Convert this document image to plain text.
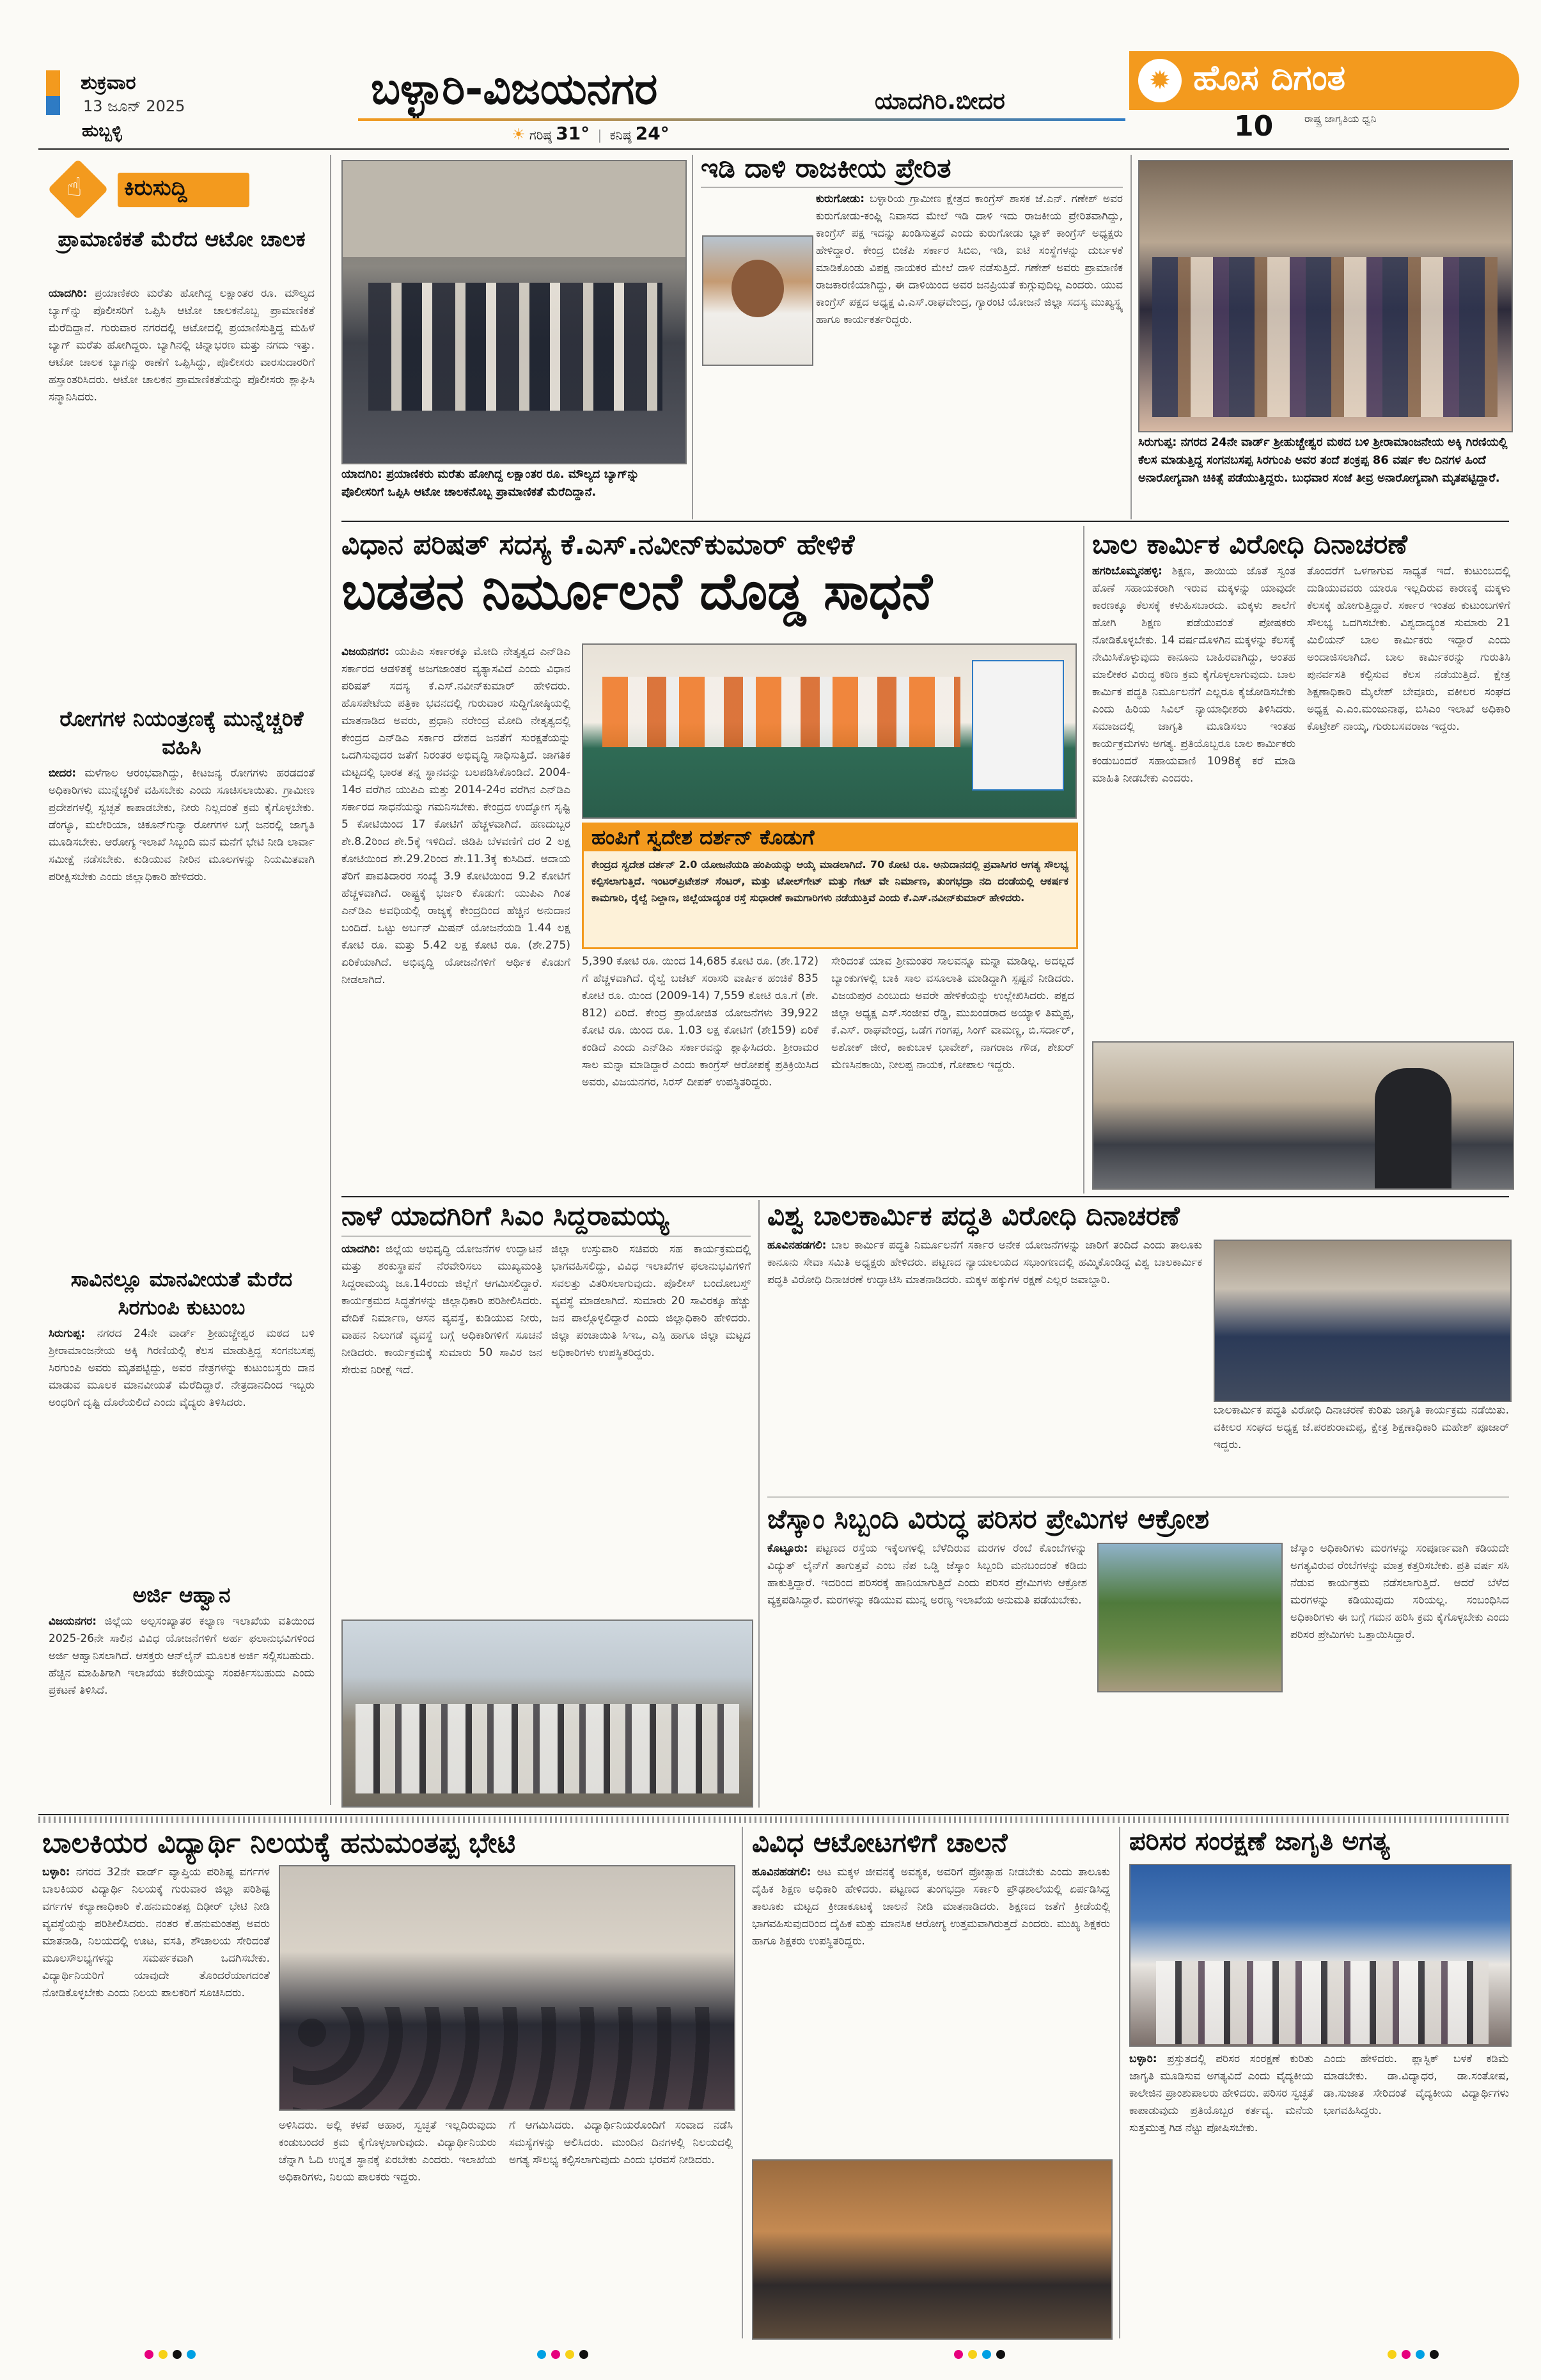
ಶುಕ್ರವಾರ
13 ಜೂನ್ 2025
ಹುಬ್ಬಳ್ಳಿ
ಬಳ್ಳಾರಿ-ವಿಜಯನಗರ	ಯಾದಗಿರಿ.ಬೀದರ
☀ ಗರಿಷ್ಠ 31° | ಕನಿಷ್ಠ 24°
✹ ಹೊಸ ದಿಗಂತ
ರಾಷ್ಟ್ರ ಜಾಗೃತಿಯ ಧ್ವನಿ
10
☝ ಕಿರುಸುದ್ದಿ
ಪ್ರಾಮಾಣಿಕತೆ ಮೆರೆದ ಆಟೋ ಚಾಲಕ
ಯಾದಗಿರಿ: ಪ್ರಯಾಣಿಕರು ಮರೆತು ಹೋಗಿದ್ದ ಲಕ್ಷಾಂತರ ರೂ. ಮೌಲ್ಯದ ಬ್ಯಾಗ್‌ನ್ನು ಪೊಲೀಸರಿಗೆ ಒಪ್ಪಿಸಿ ಆಟೋ ಚಾಲಕನೊಬ್ಬ ಪ್ರಾಮಾಣಿಕತೆ ಮೆರೆದಿದ್ದಾನೆ. ಗುರುವಾರ ನಗರದಲ್ಲಿ ಆಟೋದಲ್ಲಿ ಪ್ರಯಾಣಿಸುತ್ತಿದ್ದ ಮಹಿಳೆ ಬ್ಯಾಗ್ ಮರೆತು ಹೋಗಿದ್ದರು. ಬ್ಯಾಗಿನಲ್ಲಿ ಚಿನ್ನಾಭರಣ ಮತ್ತು ನಗದು ಇತ್ತು. ಆಟೋ ಚಾಲಕ ಬ್ಯಾಗನ್ನು ಠಾಣೆಗೆ ಒಪ್ಪಿಸಿದ್ದು, ಪೊಲೀಸರು ವಾರಸುದಾರರಿಗೆ ಹಸ್ತಾಂತರಿಸಿದರು. ಆಟೋ ಚಾಲಕನ ಪ್ರಾಮಾಣಿಕತೆಯನ್ನು ಪೊಲೀಸರು ಶ್ಲಾಘಿಸಿ ಸನ್ಮಾನಿಸಿದರು.
ರೋಗಗಳ ನಿಯಂತ್ರಣಕ್ಕೆ ಮುನ್ನೆಚ್ಚರಿಕೆ ವಹಿಸಿ
ಬೀದರ: ಮಳೆಗಾಲ ಆರಂಭವಾಗಿದ್ದು, ಕೀಟಜನ್ಯ ರೋಗಗಳು ಹರಡದಂತೆ ಅಧಿಕಾರಿಗಳು ಮುನ್ನೆಚ್ಚರಿಕೆ ವಹಿಸಬೇಕು ಎಂದು ಸೂಚಿಸಲಾಯಿತು. ಗ್ರಾಮೀಣ ಪ್ರದೇಶಗಳಲ್ಲಿ ಸ್ವಚ್ಛತೆ ಕಾಪಾಡಬೇಕು, ನೀರು ನಿಲ್ಲದಂತೆ ಕ್ರಮ ಕೈಗೊಳ್ಳಬೇಕು. ಡೆಂಗ್ಯೂ, ಮಲೇರಿಯಾ, ಚಿಕೂನ್‌ಗುನ್ಯಾ ರೋಗಗಳ ಬಗ್ಗೆ ಜನರಲ್ಲಿ ಜಾಗೃತಿ ಮೂಡಿಸಬೇಕು. ಆರೋಗ್ಯ ಇಲಾಖೆ ಸಿಬ್ಬಂದಿ ಮನೆ ಮನೆಗೆ ಭೇಟಿ ನೀಡಿ ಲಾರ್ವಾ ಸಮೀಕ್ಷೆ ನಡೆಸಬೇಕು. ಕುಡಿಯುವ ನೀರಿನ ಮೂಲಗಳನ್ನು ನಿಯಮಿತವಾಗಿ ಪರೀಕ್ಷಿಸಬೇಕು ಎಂದು ಜಿಲ್ಲಾಧಿಕಾರಿ ಹೇಳಿದರು.
ಸಾವಿನಲ್ಲೂ ಮಾನವೀಯತೆ ಮೆರೆದ ಸಿರಗುಂಪಿ ಕುಟುಂಬ
ಸಿರುಗುಪ್ಪ: ನಗರದ 24ನೇ ವಾರ್ಡ್ ಶ್ರೀಹುಚ್ಚೇಶ್ವರ ಮಠದ ಬಳಿ ಶ್ರೀರಾಮಾಂಜನೇಯ ಅಕ್ಕಿ ಗಿರಣಿಯಲ್ಲಿ ಕೆಲಸ ಮಾಡುತ್ತಿದ್ದ ಸಂಗನಬಸಪ್ಪ ಸಿರಗುಂಪಿ ಅವರು ಮೃತಪಟ್ಟಿದ್ದು, ಅವರ ನೇತ್ರಗಳನ್ನು ಕುಟುಂಬಸ್ಥರು ದಾನ ಮಾಡುವ ಮೂಲಕ ಮಾನವೀಯತೆ ಮೆರೆದಿದ್ದಾರೆ. ನೇತ್ರದಾನದಿಂದ ಇಬ್ಬರು ಅಂಧರಿಗೆ ದೃಷ್ಟಿ ದೊರೆಯಲಿದೆ ಎಂದು ವೈದ್ಯರು ತಿಳಿಸಿದರು.
ಅರ್ಜಿ ಆಹ್ವಾನ
ವಿಜಯನಗರ: ಜಿಲ್ಲೆಯ ಅಲ್ಪಸಂಖ್ಯಾತರ ಕಲ್ಯಾಣ ಇಲಾಖೆಯ ವತಿಯಿಂದ 2025-26ನೇ ಸಾಲಿನ ವಿವಿಧ ಯೋಜನೆಗಳಿಗೆ ಅರ್ಹ ಫಲಾನುಭವಿಗಳಿಂದ ಅರ್ಜಿ ಆಹ್ವಾನಿಸಲಾಗಿದೆ. ಆಸಕ್ತರು ಆನ್‌ಲೈನ್ ಮೂಲಕ ಅರ್ಜಿ ಸಲ್ಲಿಸಬಹುದು. ಹೆಚ್ಚಿನ ಮಾಹಿತಿಗಾಗಿ ಇಲಾಖೆಯ ಕಚೇರಿಯನ್ನು ಸಂಪರ್ಕಿಸಬಹುದು ಎಂದು ಪ್ರಕಟಣೆ ತಿಳಿಸಿದೆ.
ಯಾದಗಿರಿ: ಪ್ರಯಾಣಿಕರು ಮರೆತು ಹೋಗಿದ್ದ ಲಕ್ಷಾಂತರ ರೂ. ಮೌಲ್ಯದ ಬ್ಯಾಗ್‌ನ್ನು ಪೊಲೀಸರಿಗೆ ಒಪ್ಪಿಸಿ ಆಟೋ ಚಾಲಕನೊಬ್ಬ ಪ್ರಾಮಾಣಿಕತೆ ಮೆರೆದಿದ್ದಾನೆ.
ಇಡಿ ದಾಳಿ ರಾಜಕೀಯ ಪ್ರೇರಿತ
ಕುರುಗೋಡು: ಬಳ್ಳಾರಿಯ ಗ್ರಾಮೀಣ ಕ್ಷೇತ್ರದ ಕಾಂಗ್ರೆಸ್ ಶಾಸಕ ಜೆ.ಎನ್. ಗಣೇಶ್ ಅವರ ಕುರುಗೋಡು-ಕಂಪ್ಲಿ ನಿವಾಸದ ಮೇಲೆ ಇಡಿ ದಾಳಿ ಇದು ರಾಜಕೀಯ ಪ್ರೇರಿತವಾಗಿದ್ದು, ಕಾಂಗ್ರೆಸ್ ಪಕ್ಷ ಇದನ್ನು ಖಂಡಿಸುತ್ತದೆ ಎಂದು ಕುರುಗೋಡು ಬ್ಲಾಕ್ ಕಾಂಗ್ರೆಸ್ ಅಧ್ಯಕ್ಷರು ಹೇಳಿದ್ದಾರೆ. ಕೇಂದ್ರ ಬಿಜೆಪಿ ಸರ್ಕಾರ ಸಿಬಿಐ, ಇಡಿ, ಐಟಿ ಸಂಸ್ಥೆಗಳನ್ನು ದುರ್ಬಳಕೆ ಮಾಡಿಕೊಂಡು ವಿಪಕ್ಷ ನಾಯಕರ ಮೇಲೆ ದಾಳಿ ನಡೆಸುತ್ತಿದೆ. ಗಣೇಶ್ ಅವರು ಪ್ರಾಮಾಣಿಕ ರಾಜಕಾರಣಿಯಾಗಿದ್ದು, ಈ ದಾಳಿಯಿಂದ ಅವರ ಜನಪ್ರಿಯತೆ ಕುಗ್ಗುವುದಿಲ್ಲ ಎಂದರು. ಯುವ ಕಾಂಗ್ರೆಸ್ ಪಕ್ಷದ ಅಧ್ಯಕ್ಷ ವಿ.ಎಸ್.ರಾಘವೇಂದ್ರ, ಗ್ಯಾರಂಟಿ ಯೋಜನೆ ಜಿಲ್ಲಾ ಸದಸ್ಯ ಮುಖ್ಯಸ್ಥ್ಯ ಹಾಗೂ ಕಾರ್ಯಕರ್ತರಿದ್ದರು.
ಸಿರುಗುಪ್ಪ: ನಗರದ 24ನೇ ವಾರ್ಡ್ ಶ್ರೀಹುಚ್ಚೇಶ್ವರ ಮಠದ ಬಳಿ ಶ್ರೀರಾಮಾಂಜನೇಯ ಅಕ್ಕಿ ಗಿರಣಿಯಲ್ಲಿ ಕೆಲಸ ಮಾಡುತ್ತಿದ್ದ ಸಂಗನಬಸಪ್ಪ ಸಿರಗುಂಪಿ ಅವರ ತಂದೆ ಶಂಕ್ರಪ್ಪ 86 ವರ್ಷ ಕೆಲ ದಿನಗಳ ಹಿಂದೆ ಅನಾರೋಗ್ಯವಾಗಿ ಚಿಕಿತ್ಸೆ ಪಡೆಯುತ್ತಿದ್ದರು. ಬುಧವಾರ ಸಂಜೆ ತೀವ್ರ ಅನಾರೋಗ್ಯವಾಗಿ ಮೃತಪಟ್ಟಿದ್ದಾರೆ.
ವಿಧಾನ ಪರಿಷತ್ ಸದಸ್ಯ ಕೆ.ಎಸ್.ನವೀನ್‌ಕುಮಾರ್ ಹೇಳಿಕೆ
ಬಡತನ ನಿರ್ಮೂಲನೆ ದೊಡ್ಡ ಸಾಧನೆ
ವಿಜಯನಗರ: ಯುಪಿಎ ಸರ್ಕಾರಕ್ಕೂ ಮೋದಿ ನೇತೃತ್ವದ ಎನ್‌ಡಿಎ ಸರ್ಕಾರದ ಆಡಳಿತಕ್ಕೆ ಅಜಗಜಾಂತರ ವ್ಯತ್ಯಾಸವಿದೆ ಎಂದು ವಿಧಾನ ಪರಿಷತ್ ಸದಸ್ಯ ಕೆ.ಎಸ್.ನವೀನ್‌ಕುಮಾರ್ ಹೇಳಿದರು. ಹೊಸಪೇಟೆಯ ಪತ್ರಿಕಾ ಭವನದಲ್ಲಿ ಗುರುವಾರ ಸುದ್ದಿಗೋಷ್ಠಿಯಲ್ಲಿ ಮಾತನಾಡಿದ ಅವರು, ಪ್ರಧಾನಿ ನರೇಂದ್ರ ಮೋದಿ ನೇತೃತ್ವದಲ್ಲಿ ಕೇಂದ್ರದ ಎನ್‌ಡಿಎ ಸರ್ಕಾರ ದೇಶದ ಜನತೆಗೆ ಸುರಕ್ಷತೆಯನ್ನು ಒದಗಿಸುವುದರ ಜತೆಗೆ ನಿರಂತರ ಅಭಿವೃದ್ಧಿ ಸಾಧಿಸುತ್ತಿದೆ. ಜಾಗತಿಕ ಮಟ್ಟದಲ್ಲಿ ಭಾರತ ತನ್ನ ಸ್ಥಾನವನ್ನು ಬಲಪಡಿಸಿಕೊಂಡಿದೆ. 2004-14ರ ವರೆಗಿನ ಯುಪಿಎ ಮತ್ತು 2014-24ರ ವರೆಗಿನ ಎನ್‌ಡಿಎ ಸರ್ಕಾರದ ಸಾಧನೆಯನ್ನು ಗಮನಿಸಬೇಕು. ಕೇಂದ್ರದ ಉದ್ಯೋಗ ಸೃಷ್ಟಿ 5 ಕೋಟಿಯಿಂದ 17 ಕೋಟಿಗೆ ಹೆಚ್ಚಳವಾಗಿದೆ. ಹಣದುಬ್ಬರ ಶೇ.8.2ರಿಂದ ಶೇ.5ಕ್ಕೆ ಇಳಿದಿದೆ. ಜಿಡಿಪಿ ಬೆಳವಣಿಗೆ ದರ 2 ಲಕ್ಷ ಕೋಟಿಯಿಂದ ಶೇ.29.2ರಿಂದ ಶೇ.11.3ಕ್ಕೆ ಕುಸಿದಿದೆ. ಆದಾಯ ತೆರಿಗೆ ಪಾವತಿದಾರರ ಸಂಖ್ಯೆ 3.9 ಕೋಟಿಯಿಂದ 9.2 ಕೋಟಿಗೆ ಹೆಚ್ಚಳವಾಗಿದೆ. ರಾಷ್ಟ್ರಕ್ಕೆ ಭರ್ಜರಿ ಕೊಡುಗೆ: ಯುಪಿಎ ಗಿಂತ ಎನ್‌ಡಿಎ ಅವಧಿಯಲ್ಲಿ ರಾಜ್ಯಕ್ಕೆ ಕೇಂದ್ರದಿಂದ ಹೆಚ್ಚಿನ ಅನುದಾನ ಬಂದಿದೆ. ಒಟ್ಟು ಅರ್ಬನ್ ಮಿಷನ್ ಯೋಜನೆಯಡಿ 1.44 ಲಕ್ಷ ಕೋಟಿ ರೂ. ಮತ್ತು 5.42 ಲಕ್ಷ ಕೋಟಿ ರೂ. (ಶೇ.275) ಏರಿಕೆಯಾಗಿದೆ. ಅಭಿವೃದ್ಧಿ ಯೋಜನೆಗಳಿಗೆ ಆರ್ಥಿಕ ಕೊಡುಗೆ ನೀಡಲಾಗಿದೆ.
ಹಂಪಿಗೆ ಸ್ವದೇಶ ದರ್ಶನ್ ಕೊಡುಗೆ
ಕೇಂದ್ರದ ಸ್ವದೇಶ ದರ್ಶನ್ 2.0 ಯೋಜನೆಯಡಿ ಹಂಪಿಯನ್ನು ಆಯ್ಕೆ ಮಾಡಲಾಗಿದೆ. 70 ಕೋಟಿ ರೂ. ಅನುದಾನದಲ್ಲಿ ಪ್ರವಾಸಿಗರ ಆಗತ್ಯ ಸೌಲಭ್ಯ ಕಲ್ಪಿಸಲಾಗುತ್ತಿದೆ. ಇಂಟರ್‌ಪ್ರಿಟೇಶನ್ ಸೆಂಟರ್, ಮತ್ತು ಟೋಲ್‌ಗೇಟ್ ಮತ್ತು ಗೇಟ್ ವೇ ನಿರ್ಮಾಣ, ತುಂಗಭದ್ರಾ ನದಿ ದಂಡೆಯಲ್ಲಿ ಆಕರ್ಷಕ ಕಾಮಗಾರಿ, ರೈಲ್ವೆ ನಿಲ್ದಾಣ, ಜಿಲ್ಲೆಯಾದ್ಯಂತ ರಸ್ತೆ ಸುಧಾರಣೆ ಕಾಮಗಾರಿಗಳು ನಡೆಯುತ್ತಿವೆ ಎಂದು ಕೆ.ಎಸ್.ನವೀನ್‌ಕುಮಾರ್ ಹೇಳಿದರು.
5,390 ಕೋಟಿ ರೂ. ಯಿಂದ 14,685 ಕೋಟಿ ರೂ. (ಶೇ.172) ಗೆ ಹೆಚ್ಚಳವಾಗಿದೆ. ರೈಲ್ವೆ ಬಜೆಟ್ ಸರಾಸರಿ ವಾರ್ಷಿಕ ಹಂಚಿಕೆ 835 ಕೋಟಿ ರೂ. ಯಿಂದ (2009-14) 7,559 ಕೋಟಿ ರೂ.ಗೆ (ಶೇ. 812) ಏರಿದೆ. ಕೇಂದ್ರ ಪ್ರಾಯೋಜಿತ ಯೋಜನೆಗಳು 39,922 ಕೋಟಿ ರೂ. ಯಿಂದ ರೂ. 1.03 ಲಕ್ಷ ಕೋಟಿಗೆ (ಶೇ159) ಏರಿಕೆ ಕಂಡಿದೆ ಎಂದು ಎನ್‌ಡಿಎ ಸರ್ಕಾರವನ್ನು ಶ್ಲಾಘಿಸಿದರು. ಶ್ರೀರಾಮರ ಸಾಲ ಮನ್ನಾ ಮಾಡಿದ್ದಾರೆ ಎಂದು ಕಾಂಗ್ರೆಸ್ ಆರೋಪಕ್ಕೆ ಪ್ರತಿಕ್ರಿಯಿಸಿದ ಅವರು, ವಿಜಯನಗರ, ಸಿರಸ್ ದೀಪಕ್ ಉಪಸ್ಥಿತರಿದ್ದರು.
ಸೇರಿದಂತೆ ಯಾವ ಶ್ರೀಮಂತರ ಸಾಲವನ್ನೂ ಮನ್ನಾ ಮಾಡಿಲ್ಲ. ಅದಲ್ಲದೆ ಬ್ಯಾಂಕುಗಳಲ್ಲಿ ಬಾಕಿ ಸಾಲ ವಸೂಲಾತಿ ಮಾಡಿದ್ದಾಗಿ ಸ್ಪಷ್ಟನೆ ನೀಡಿದರು. ವಿಜಯಪುರ ಎಂಬುದು ಅವರೇ ಹೇಳಿಕೆಯನ್ನು ಉಲ್ಲೇಖಿಸಿದರು. ಪಕ್ಷದ ಜಿಲ್ಲಾ ಅಧ್ಯಕ್ಷ ಎಸ್.ಸಂಜೀವ ರೆಡ್ಡಿ, ಮುಖಂಡರಾದ ಅಯ್ಯಾಳಿ ತಿಮ್ಮಪ್ಪ, ಕೆ.ಎಸ್. ರಾಘವೇಂದ್ರ, ಒಡೆಗ ಗಂಗಪ್ಪ, ಸಿಂಗ್ ವಾಮಣ್ಣ, ಬಿ.ಸರ್ದಾರ್, ಅಶೋಕ್ ಜೀರೆ, ಕಾಕುಬಾಳ ಭಾವೇಶ್, ನಾಗರಾಜ ಗೌಡ, ಶೇಖರ್ ಮೆಣಸಿನಕಾಯಿ, ನೀಲಪ್ಪ ನಾಯಕ, ಗೋಪಾಲ ಇದ್ದರು.
ಬಾಲ ಕಾರ್ಮಿಕ ವಿರೋಧಿ ದಿನಾಚರಣೆ
ಹಗರಿಬೊಮ್ಮನಹಳ್ಳಿ: ಶಿಕ್ಷಣ, ತಾಯಿಯ ಜೊತೆ ಸ್ವಂತ ಹೊಣೆ ಸಹಾಯಕರಾಗಿ ಇರುವ ಮಕ್ಕಳನ್ನು ಯಾವುದೇ ಕಾರಣಕ್ಕೂ ಕೆಲಸಕ್ಕೆ ಕಳುಹಿಸಬಾರದು. ಮಕ್ಕಳು ಶಾಲೆಗೆ ಹೋಗಿ ಶಿಕ್ಷಣ ಪಡೆಯುವಂತೆ ಪೋಷಕರು ನೋಡಿಕೊಳ್ಳಬೇಕು. 14 ವರ್ಷದೊಳಗಿನ ಮಕ್ಕಳನ್ನು ಕೆಲಸಕ್ಕೆ ನೇಮಿಸಿಕೊಳ್ಳುವುದು ಕಾನೂನು ಬಾಹಿರವಾಗಿದ್ದು, ಅಂತಹ ಮಾಲೀಕರ ವಿರುದ್ಧ ಕಠಿಣ ಕ್ರಮ ಕೈಗೊಳ್ಳಲಾಗುವುದು. ಬಾಲ ಕಾರ್ಮಿಕ ಪದ್ಧತಿ ನಿರ್ಮೂಲನೆಗೆ ಎಲ್ಲರೂ ಕೈಜೋಡಿಸಬೇಕು ಎಂದು ಹಿರಿಯ ಸಿವಿಲ್ ನ್ಯಾಯಾಧೀಶರು ತಿಳಿಸಿದರು. ಸಮಾಜದಲ್ಲಿ ಜಾಗೃತಿ ಮೂಡಿಸಲು ಇಂತಹ ಕಾರ್ಯಕ್ರಮಗಳು ಅಗತ್ಯ. ಪ್ರತಿಯೊಬ್ಬರೂ ಬಾಲ ಕಾರ್ಮಿಕರು ಕಂಡುಬಂದರೆ ಸಹಾಯವಾಣಿ 1098ಕ್ಕೆ ಕರೆ ಮಾಡಿ ಮಾಹಿತಿ ನೀಡಬೇಕು ಎಂದರು.
ತೊಂದರೆಗೆ ಒಳಗಾಗುವ ಸಾಧ್ಯತೆ ಇದೆ. ಕುಟುಂಬದಲ್ಲಿ ದುಡಿಯುವವರು ಯಾರೂ ಇಲ್ಲದಿರುವ ಕಾರಣಕ್ಕೆ ಮಕ್ಕಳು ಕೆಲಸಕ್ಕೆ ಹೋಗುತ್ತಿದ್ದಾರೆ. ಸರ್ಕಾರ ಇಂತಹ ಕುಟುಂಬಗಳಿಗೆ ಸೌಲಭ್ಯ ಒದಗಿಸಬೇಕು. ವಿಶ್ವದಾದ್ಯಂತ ಸುಮಾರು 21 ಮಿಲಿಯನ್ ಬಾಲ ಕಾರ್ಮಿಕರು ಇದ್ದಾರೆ ಎಂದು ಅಂದಾಜಿಸಲಾಗಿದೆ. ಬಾಲ ಕಾರ್ಮಿಕರನ್ನು ಗುರುತಿಸಿ ಪುನರ್ವಸತಿ ಕಲ್ಪಿಸುವ ಕೆಲಸ ನಡೆಯುತ್ತಿದೆ. ಕ್ಷೇತ್ರ ಶಿಕ್ಷಣಾಧಿಕಾರಿ ಮೈಲೇಶ್ ಬೇವೂರು, ವಕೀಲರ ಸಂಘದ ಅಧ್ಯಕ್ಷ ಎ.ಎಂ.ಮಂಜುನಾಥ, ಬಿಸಿಎಂ ಇಲಾಖೆ ಅಧಿಕಾರಿ ಕೊಟ್ರೇಶ್ ನಾಯ್ಕ, ಗುರುಬಸವರಾಜ ಇದ್ದರು.
ನಾಳೆ ಯಾದಗಿರಿಗೆ ಸಿಎಂ ಸಿದ್ದರಾಮಯ್ಯ
ಯಾದಗಿರಿ: ಜಿಲ್ಲೆಯ ಅಭಿವೃದ್ಧಿ ಯೋಜನೆಗಳ ಉದ್ಘಾಟನೆ ಮತ್ತು ಶಂಕುಸ್ಥಾಪನೆ ನೆರವೇರಿಸಲು ಮುಖ್ಯಮಂತ್ರಿ ಸಿದ್ದರಾಮಯ್ಯ ಜೂ.14ರಂದು ಜಿಲ್ಲೆಗೆ ಆಗಮಿಸಲಿದ್ದಾರೆ. ಕಾರ್ಯಕ್ರಮದ ಸಿದ್ಧತೆಗಳನ್ನು ಜಿಲ್ಲಾಧಿಕಾರಿ ಪರಿಶೀಲಿಸಿದರು. ವೇದಿಕೆ ನಿರ್ಮಾಣ, ಆಸನ ವ್ಯವಸ್ಥೆ, ಕುಡಿಯುವ ನೀರು, ವಾಹನ ನಿಲುಗಡೆ ವ್ಯವಸ್ಥೆ ಬಗ್ಗೆ ಅಧಿಕಾರಿಗಳಿಗೆ ಸೂಚನೆ ನೀಡಿದರು. ಕಾರ್ಯಕ್ರಮಕ್ಕೆ ಸುಮಾರು 50 ಸಾವಿರ ಜನ ಸೇರುವ ನಿರೀಕ್ಷೆ ಇದೆ.
ಜಿಲ್ಲಾ ಉಸ್ತುವಾರಿ ಸಚಿವರು ಸಹ ಕಾರ್ಯಕ್ರಮದಲ್ಲಿ ಭಾಗವಹಿಸಲಿದ್ದು, ವಿವಿಧ ಇಲಾಖೆಗಳ ಫಲಾನುಭವಿಗಳಿಗೆ ಸವಲತ್ತು ವಿತರಿಸಲಾಗುವುದು. ಪೊಲೀಸ್ ಬಂದೋಬಸ್ತ್ ವ್ಯವಸ್ಥೆ ಮಾಡಲಾಗಿದೆ. ಸುಮಾರು 20 ಸಾವಿರಕ್ಕೂ ಹೆಚ್ಚು ಜನ ಪಾಲ್ಗೊಳ್ಳಲಿದ್ದಾರೆ ಎಂದು ಜಿಲ್ಲಾಧಿಕಾರಿ ಹೇಳಿದರು. ಜಿಲ್ಲಾ ಪಂಚಾಯಿತಿ ಸಿಇಒ, ಎಸ್ಪಿ ಹಾಗೂ ಜಿಲ್ಲಾ ಮಟ್ಟದ ಅಧಿಕಾರಿಗಳು ಉಪಸ್ಥಿತರಿದ್ದರು.
ವಿಶ್ವ ಬಾಲಕಾರ್ಮಿಕ ಪದ್ಧತಿ ವಿರೋಧಿ ದಿನಾಚರಣೆ
ಹೂವಿನಹಡಗಲಿ: ಬಾಲ ಕಾರ್ಮಿಕ ಪದ್ಧತಿ ನಿರ್ಮೂಲನೆಗೆ ಸರ್ಕಾರ ಅನೇಕ ಯೋಜನೆಗಳನ್ನು ಜಾರಿಗೆ ತಂದಿದೆ ಎಂದು ತಾಲೂಕು ಕಾನೂನು ಸೇವಾ ಸಮಿತಿ ಅಧ್ಯಕ್ಷರು ಹೇಳಿದರು. ಪಟ್ಟಣದ ನ್ಯಾಯಾಲಯದ ಸಭಾಂಗಣದಲ್ಲಿ ಹಮ್ಮಿಕೊಂಡಿದ್ದ ವಿಶ್ವ ಬಾಲಕಾರ್ಮಿಕ ಪದ್ಧತಿ ವಿರೋಧಿ ದಿನಾಚರಣೆ ಉದ್ಘಾಟಿಸಿ ಮಾತನಾಡಿದರು. ಮಕ್ಕಳ ಹಕ್ಕುಗಳ ರಕ್ಷಣೆ ಎಲ್ಲರ ಜವಾಬ್ದಾರಿ.
ಬಾಲಕಾರ್ಮಿಕ ಪದ್ಧತಿ ವಿರೋಧಿ ದಿನಾಚರಣೆ ಕುರಿತು ಜಾಗೃತಿ ಕಾರ್ಯಕ್ರಮ ನಡೆಯಿತು. ವಕೀಲರ ಸಂಘದ ಅಧ್ಯಕ್ಷ ಜೆ.ಪರಶುರಾಮಪ್ಪ, ಕ್ಷೇತ್ರ ಶಿಕ್ಷಣಾಧಿಕಾರಿ ಮಹೇಶ್ ಪೂಜಾರ್ ಇದ್ದರು.
ಜೆಸ್ಕಾಂ ಸಿಬ್ಬಂದಿ ವಿರುದ್ಧ ಪರಿಸರ ಪ್ರೇಮಿಗಳ ಆಕ್ರೋಶ
ಕೊಟ್ಟೂರು: ಪಟ್ಟಣದ ರಸ್ತೆಯ ಇಕ್ಕೆಲಗಳಲ್ಲಿ ಬೆಳೆದಿರುವ ಮರಗಳ ರೆಂಬೆ ಕೊಂಬೆಗಳನ್ನು ವಿದ್ಯುತ್ ಲೈನ್‌ಗೆ ತಾಗುತ್ತವೆ ಎಂಬ ನೆಪ ಒಡ್ಡಿ ಜೆಸ್ಕಾಂ ಸಿಬ್ಬಂದಿ ಮನಬಂದಂತೆ ಕಡಿದು ಹಾಕುತ್ತಿದ್ದಾರೆ. ಇದರಿಂದ ಪರಿಸರಕ್ಕೆ ಹಾನಿಯಾಗುತ್ತಿದೆ ಎಂದು ಪರಿಸರ ಪ್ರೇಮಿಗಳು ಆಕ್ರೋಶ ವ್ಯಕ್ತಪಡಿಸಿದ್ದಾರೆ. ಮರಗಳನ್ನು ಕಡಿಯುವ ಮುನ್ನ ಅರಣ್ಯ ಇಲಾಖೆಯ ಅನುಮತಿ ಪಡೆಯಬೇಕು.
ಜೆಸ್ಕಾಂ ಅಧಿಕಾರಿಗಳು ಮರಗಳನ್ನು ಸಂಪೂರ್ಣವಾಗಿ ಕಡಿಯದೇ ಅಗತ್ಯವಿರುವ ರೆಂಬೆಗಳನ್ನು ಮಾತ್ರ ಕತ್ತರಿಸಬೇಕು. ಪ್ರತಿ ವರ್ಷ ಸಸಿ ನೆಡುವ ಕಾರ್ಯಕ್ರಮ ನಡೆಸಲಾಗುತ್ತಿದೆ. ಆದರೆ ಬೆಳೆದ ಮರಗಳನ್ನು ಕಡಿಯುವುದು ಸರಿಯಲ್ಲ. ಸಂಬಂಧಿಸಿದ ಅಧಿಕಾರಿಗಳು ಈ ಬಗ್ಗೆ ಗಮನ ಹರಿಸಿ ಕ್ರಮ ಕೈಗೊಳ್ಳಬೇಕು ಎಂದು ಪರಿಸರ ಪ್ರೇಮಿಗಳು ಒತ್ತಾಯಿಸಿದ್ದಾರೆ.
ಬಾಲಕಿಯರ ವಿದ್ಯಾರ್ಥಿ ನಿಲಯಕ್ಕೆ ಹನುಮಂತಪ್ಪ ಭೇಟಿ
ಬಳ್ಳಾರಿ: ನಗರದ 32ನೇ ವಾರ್ಡ್ ವ್ಯಾಪ್ತಿಯ ಪರಿಶಿಷ್ಟ ವರ್ಗಗಳ ಬಾಲಕಿಯರ ವಿದ್ಯಾರ್ಥಿ ನಿಲಯಕ್ಕೆ ಗುರುವಾರ ಜಿಲ್ಲಾ ಪರಿಶಿಷ್ಟ ವರ್ಗಗಳ ಕಲ್ಯಾಣಾಧಿಕಾರಿ ಕೆ.ಹನುಮಂತಪ್ಪ ದಿಢೀರ್ ಭೇಟಿ ನೀಡಿ ವ್ಯವಸ್ಥೆಯನ್ನು ಪರಿಶೀಲಿಸಿದರು. ನಂತರ ಕೆ.ಹನುಮಂತಪ್ಪ ಅವರು ಮಾತನಾಡಿ, ನಿಲಯದಲ್ಲಿ ಊಟ, ವಸತಿ, ಶೌಚಾಲಯ ಸೇರಿದಂತೆ ಮೂಲಸೌಲಭ್ಯಗಳನ್ನು ಸಮರ್ಪಕವಾಗಿ ಒದಗಿಸಬೇಕು. ವಿದ್ಯಾರ್ಥಿನಿಯರಿಗೆ ಯಾವುದೇ ತೊಂದರೆಯಾಗದಂತೆ ನೋಡಿಕೊಳ್ಳಬೇಕು ಎಂದು ನಿಲಯ ಪಾಲಕರಿಗೆ ಸೂಚಿಸಿದರು.
ಅಳಿಸಿದರು. ಅಲ್ಲಿ ಕಳಪೆ ಆಹಾರ, ಸ್ವಚ್ಛತೆ ಇಲ್ಲದಿರುವುದು ಕಂಡುಬಂದರೆ ಕ್ರಮ ಕೈಗೊಳ್ಳಲಾಗುವುದು. ವಿದ್ಯಾರ್ಥಿನಿಯರು ಚೆನ್ನಾಗಿ ಓದಿ ಉನ್ನತ ಸ್ಥಾನಕ್ಕೆ ಏರಬೇಕು ಎಂದರು. ಇಲಾಖೆಯ ಅಧಿಕಾರಿಗಳು, ನಿಲಯ ಪಾಲಕರು ಇದ್ದರು.
ಗೆ ಆಗಮಿಸಿದರು. ವಿದ್ಯಾರ್ಥಿನಿಯರೊಂದಿಗೆ ಸಂವಾದ ನಡೆಸಿ ಸಮಸ್ಯೆಗಳನ್ನು ಆಲಿಸಿದರು. ಮುಂದಿನ ದಿನಗಳಲ್ಲಿ ನಿಲಯದಲ್ಲಿ ಅಗತ್ಯ ಸೌಲಭ್ಯ ಕಲ್ಪಿಸಲಾಗುವುದು ಎಂದು ಭರವಸೆ ನೀಡಿದರು.
ವಿವಿಧ ಆಟೋಟಗಳಿಗೆ ಚಾಲನೆ
ಹೂವಿನಹಡಗಲಿ: ಆಟ ಮಕ್ಕಳ ಜೀವನಕ್ಕೆ ಅವಶ್ಯಕ, ಅವರಿಗೆ ಪ್ರೋತ್ಸಾಹ ನೀಡಬೇಕು ಎಂದು ತಾಲೂಕು ದೈಹಿಕ ಶಿಕ್ಷಣ ಅಧಿಕಾರಿ ಹೇಳಿದರು. ಪಟ್ಟಣದ ತುಂಗಭದ್ರಾ ಸರ್ಕಾರಿ ಪ್ರೌಢಶಾಲೆಯಲ್ಲಿ ಏರ್ಪಡಿಸಿದ್ದ ತಾಲೂಕು ಮಟ್ಟದ ಕ್ರೀಡಾಕೂಟಕ್ಕೆ ಚಾಲನೆ ನೀಡಿ ಮಾತನಾಡಿದರು. ಶಿಕ್ಷಣದ ಜತೆಗೆ ಕ್ರೀಡೆಯಲ್ಲಿ ಭಾಗವಹಿಸುವುದರಿಂದ ದೈಹಿಕ ಮತ್ತು ಮಾನಸಿಕ ಆರೋಗ್ಯ ಉತ್ತಮವಾಗಿರುತ್ತದೆ ಎಂದರು. ಮುಖ್ಯ ಶಿಕ್ಷಕರು ಹಾಗೂ ಶಿಕ್ಷಕರು ಉಪಸ್ಥಿತರಿದ್ದರು.
ಪರಿಸರ ಸಂರಕ್ಷಣೆ ಜಾಗೃತಿ ಅಗತ್ಯ
ಬಳ್ಳಾರಿ: ಪ್ರಸ್ತುತದಲ್ಲಿ ಪರಿಸರ ಸಂರಕ್ಷಣೆ ಕುರಿತು ಜಾಗೃತಿ ಮೂಡಿಸುವ ಅಗತ್ಯವಿದೆ ಎಂದು ವೈದ್ಯಕೀಯ ಕಾಲೇಜಿನ ಪ್ರಾಂಶುಪಾಲರು ಹೇಳಿದರು. ಪರಿಸರ ಸ್ವಚ್ಛತೆ ಕಾಪಾಡುವುದು ಪ್ರತಿಯೊಬ್ಬರ ಕರ್ತವ್ಯ. ಮನೆಯ ಸುತ್ತಮುತ್ತ ಗಿಡ ನೆಟ್ಟು ಪೋಷಿಸಬೇಕು.
ಎಂದು ಹೇಳಿದರು. ಪ್ಲಾಸ್ಟಿಕ್ ಬಳಕೆ ಕಡಿಮೆ ಮಾಡಬೇಕು. ಡಾ.ವಿದ್ಯಾಧರ, ಡಾ.ಸಂತೋಷ, ಡಾ.ಸುಜಾತ ಸೇರಿದಂತೆ ವೈದ್ಯಕೀಯ ವಿದ್ಯಾರ್ಥಿಗಳು ಭಾಗವಹಿಸಿದ್ದರು.
